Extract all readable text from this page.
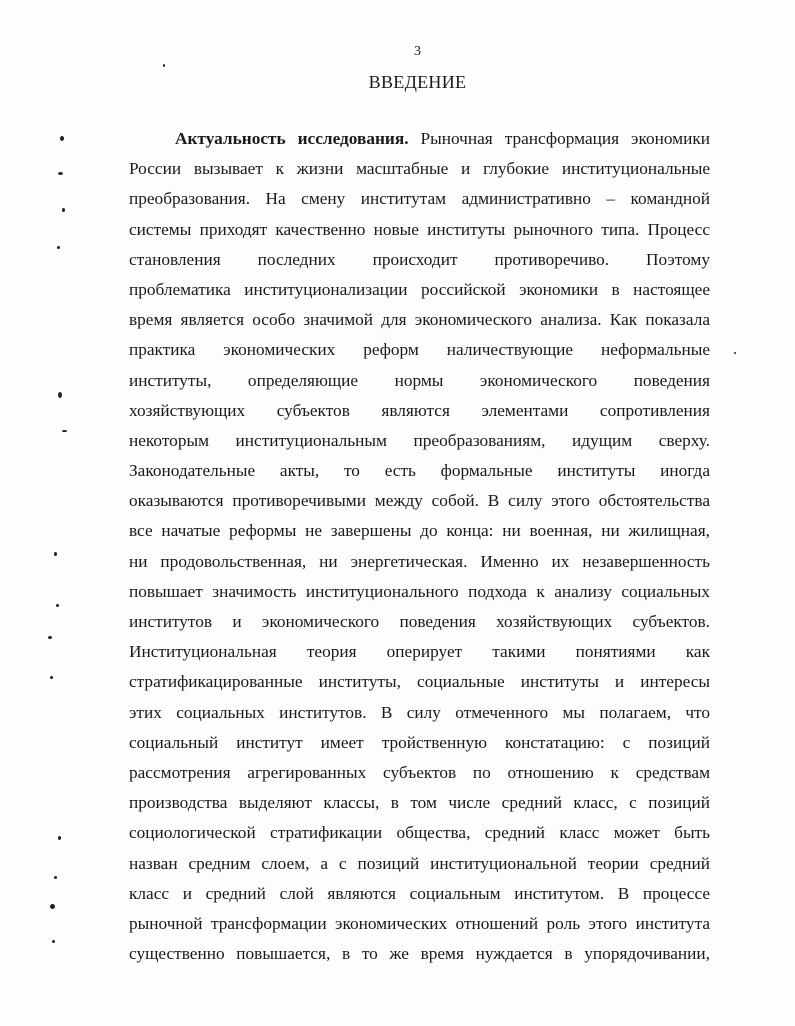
3
ВВЕДЕНИЕ
Актуальность исследования. Рыночная трансформация экономики
России вызывает к жизни масштабные и глубокие институциональные
преобразования. На смену институтам административно – командной
системы приходят качественно новые институты рыночного типа. Процесс
становления последних происходит противоречиво. Поэтому
проблематика институционализации российской экономики в настоящее
время является особо значимой для экономического анализа. Как показала
практика экономических реформ наличествующие неформальные
институты, определяющие нормы экономического поведения
хозяйствующих субъектов являются элементами сопротивления
некоторым институциональным преобразованиям, идущим сверху.
Законодательные акты, то есть формальные институты иногда
оказываются противоречивыми между собой. В силу этого обстоятельства
все начатые реформы не завершены до конца: ни военная, ни жилищная,
ни продовольственная, ни энергетическая. Именно их незавершенность
повышает значимость институционального подхода к анализу социальных
институтов и экономического поведения хозяйствующих субъектов.
Институциональная теория оперирует такими понятиями как
стратификацированные институты, социальные институты и интересы
этих социальных институтов. В силу отмеченного мы полагаем, что
социальный институт имеет тройственную констатацию: с позиций
рассмотрения агрегированных субъектов по отношению к средствам
производства выделяют классы, в том числе средний класс, с позиций
социологической стратификации общества, средний класс может быть
назван средним слоем, а с позиций институциональной теории средний
класс и средний слой являются социальным институтом. В процессе
рыночной трансформации экономических отношений роль этого института
существенно повышается, в то же время нуждается в упорядочивании,
